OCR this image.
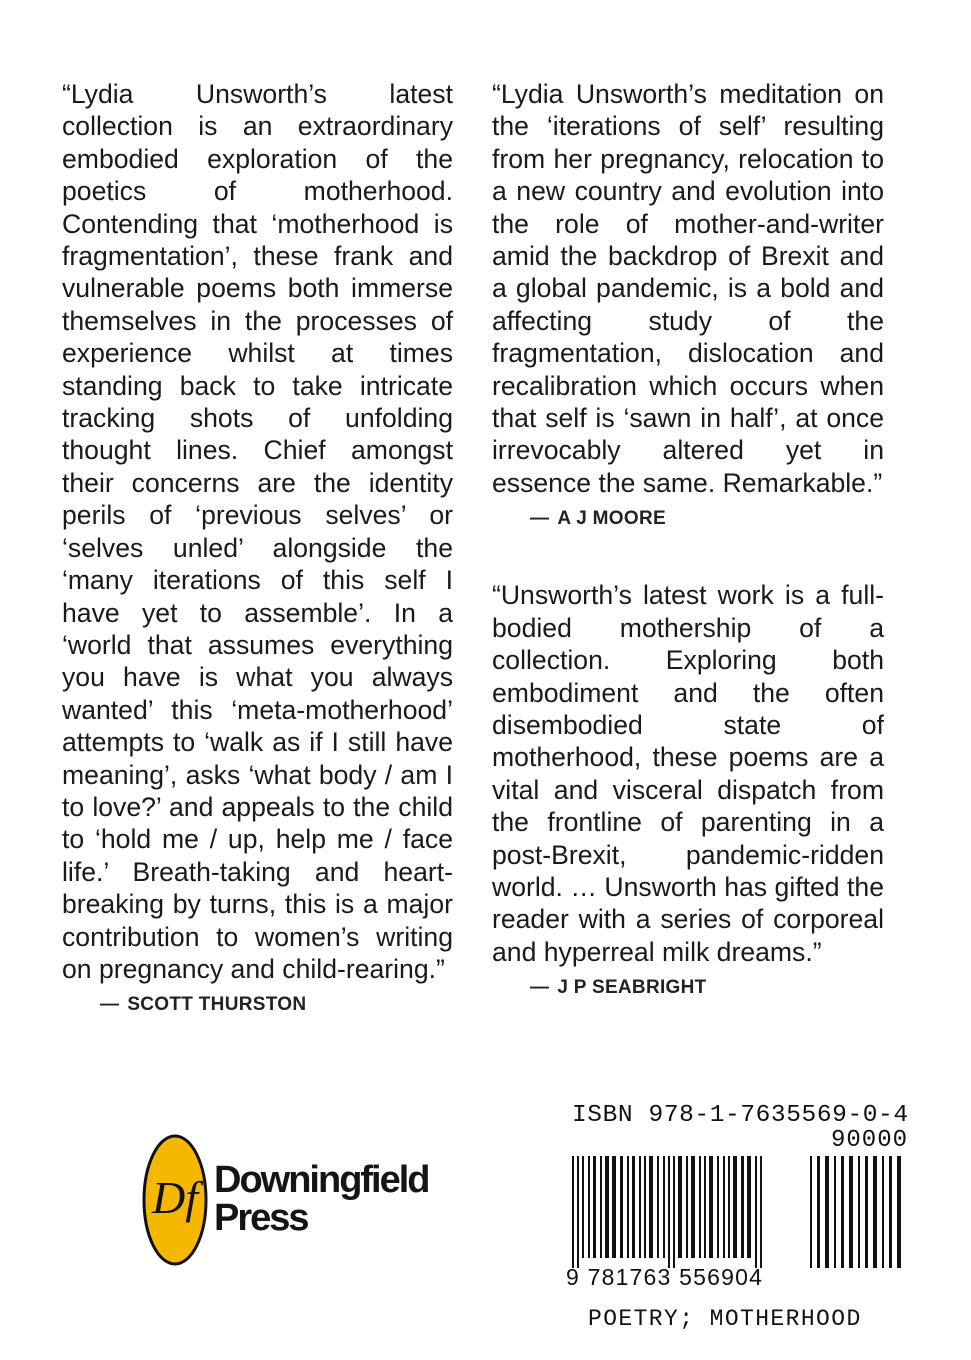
“Lydia Unsworth’s latest collection is an extraordinary embodied exploration of the poetics of motherhood. Contending that ‘motherhood is fragmentation’, these frank and vulnerable poems both immerse themselves in the processes of experience whilst at times standing back to take intricate tracking shots of unfolding thought lines. Chief amongst their concerns are the identity perils of ‘previous selves’ or ‘selves unled’ alongside the ‘many iterations of this self I have yet to assemble’. In a ‘world that assumes everything you have is what you always wanted’ this ‘meta-motherhood’ attempts to ‘walk as if I still have meaning’, asks ‘what body / am I to love?’ and appeals to the child to ‘hold me / up, help me / face life.’ Breath-taking and heart-breaking by turns, this is a major contribution to women’s writing on pregnancy and child-rearing.”

— SCOTT THURSTON

“Lydia Unsworth’s meditation on the ‘iterations of self’ resulting from her pregnancy, relocation to a new country and evolution into the role of mother-and-writer amid the backdrop of Brexit and a global pandemic, is a bold and affecting study of the fragmentation, dislocation and recalibration which occurs when that self is ‘sawn in half’, at once irrevocably altered yet in essence the same. Remarkable.”

— A J MOORE

“Unsworth’s latest work is a full-bodied mothership of a collection. Exploring both embodiment and the often disembodied state of motherhood, these poems are a vital and visceral dispatch from the frontline of parenting in a post-Brexit, pandemic-ridden world. … Unsworth has gifted the reader with a series of corporeal and hyperreal milk dreams.”

— J P SEABRIGHT
Df Downingfield
Press
ISBN 978-1-7635569-0-4
90000
9 781763 556904
POETRY; MOTHERHOOD
